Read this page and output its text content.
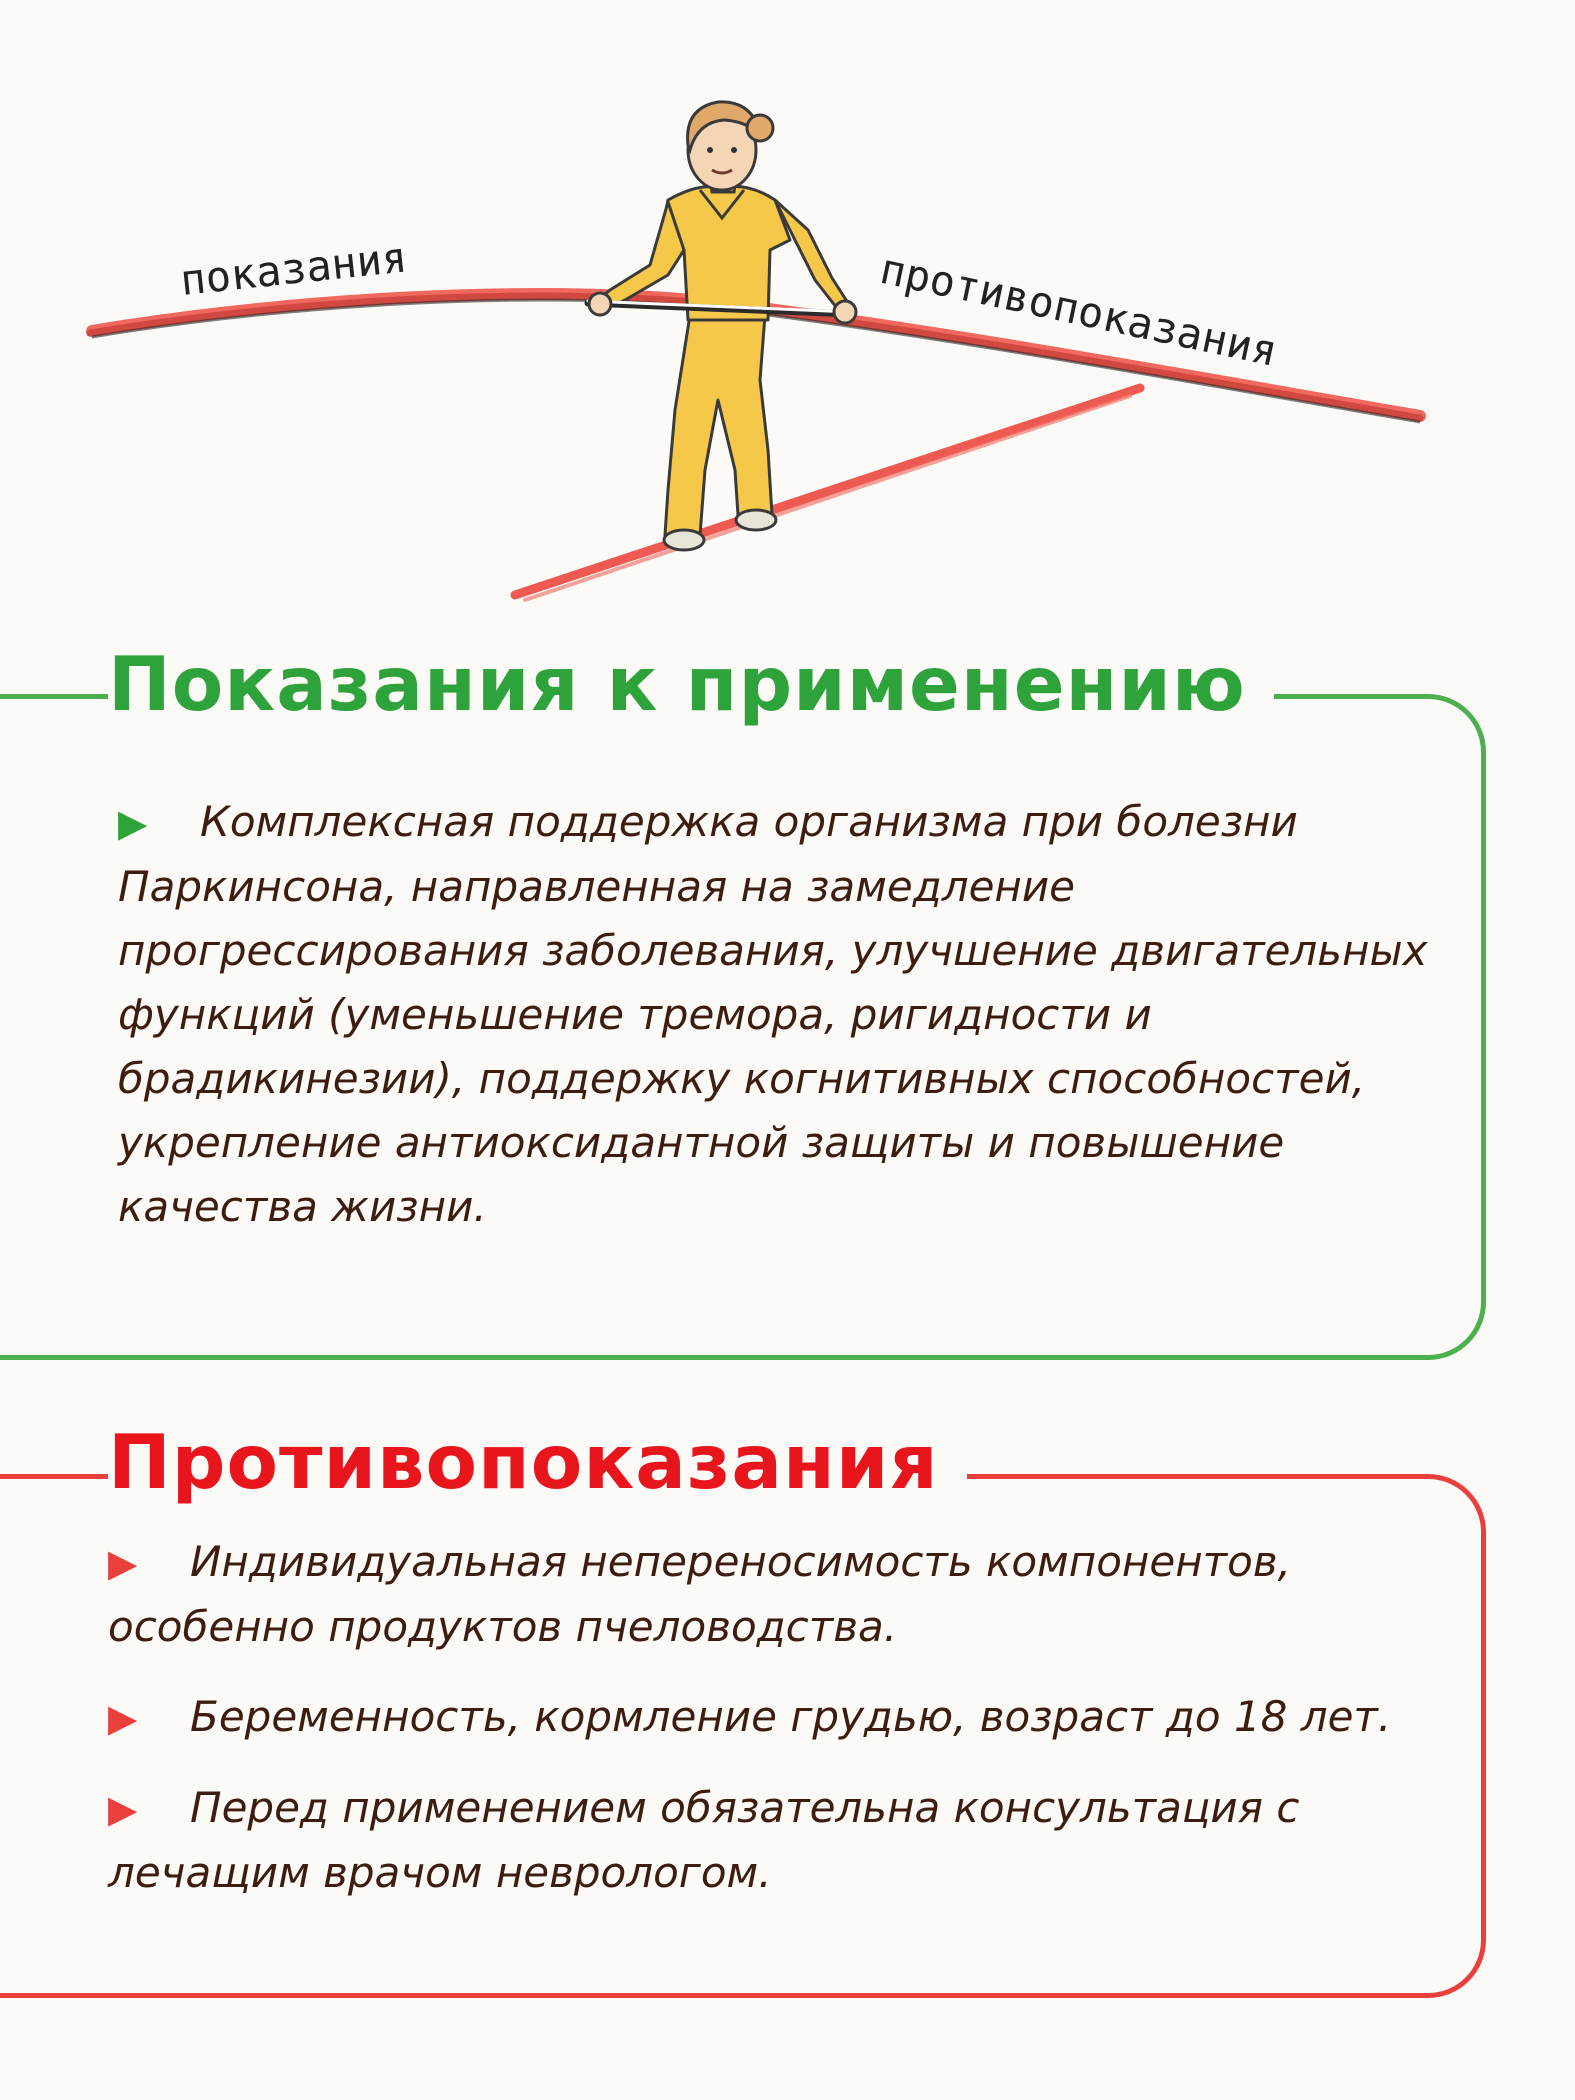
показания	противопоказания
Показания к применению

▶ Комплексная поддержка организма при болезни Паркинсона, направленная на замедление прогрессирования заболевания, улучшение двигательных функций (уменьшение тремора, ригидности и брадикинезии), поддержку когнитивных способностей, укрепление антиоксидантной защиты и повышение качества жизни.

Противопоказания

▶ Индивидуальная непереносимость компонентов, особенно продуктов пчеловодства.

▶ Беременность, кормление грудью, возраст до 18 лет.

▶ Перед применением обязательна консультация с лечащим врачом неврологом.
